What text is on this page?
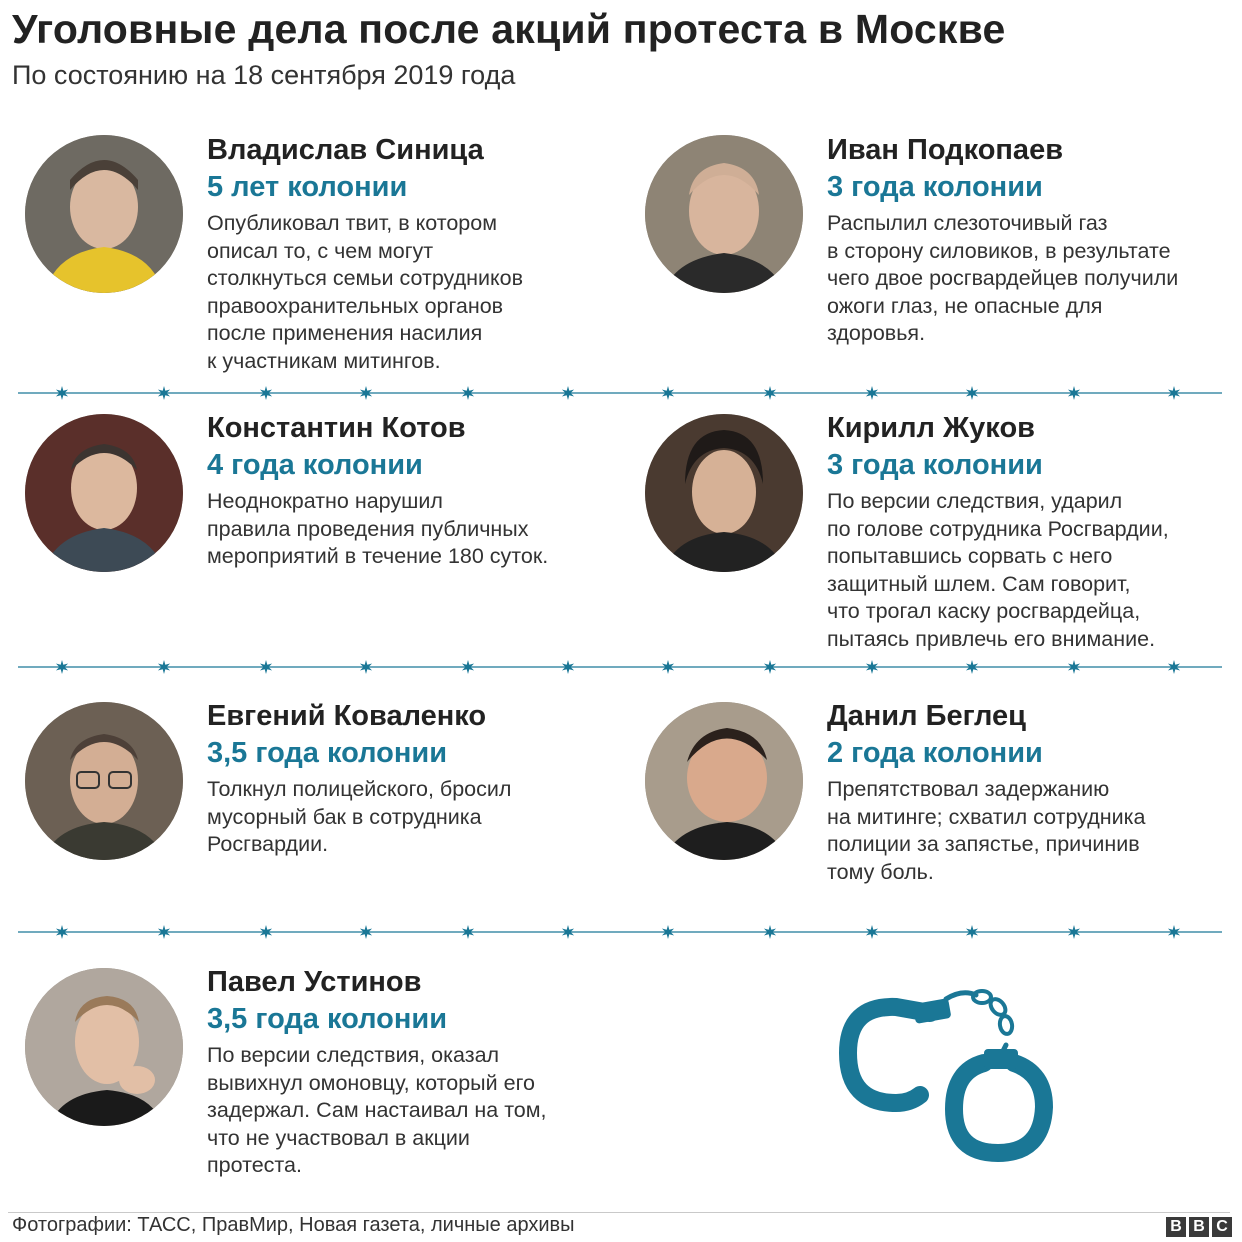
Уголовные дела после акций протеста в Москве
По состоянию на 18 сентября 2019 года
Владислав Синица
5 лет колонии
Опубликовал твит, в котором
описал то, с чем могут
столкнуться семьи сотрудников
правоохранительных органов
после применения насилия
к участникам митингов.
Иван Подкопаев
3 года колонии
Распылил слезоточивый газ
в сторону силовиков, в результате
чего двое росгвардейцев получили
ожоги глаз, не опасные для
здоровья.
Константин Котов
4 года колонии
Неоднократно нарушил
правила проведения публичных
мероприятий в течение 180 суток.
Кирилл Жуков
3 года колонии
По версии следствия, ударил
по голове сотрудника Росгвардии,
попытавшись сорвать с него
защитный шлем. Сам говорит,
что трогал каску росгвардейца,
пытаясь привлечь его внимание.
Евгений Коваленко
3,5 года колонии
Толкнул полицейского, бросил
мусорный бак в сотрудника
Росгвардии.
Данил Беглец
2 года колонии
Препятствовал задержанию
на митинге; схватил сотрудника
полиции за запястье, причинив
тому боль.
Павел Устинов
3,5 года колонии
По версии следствия, оказал
вывихнул омоновцу, который его
задержал. Сам настаивал на том,
что не участвовал в акции
протеста.
Фотографии: ТАСС, ПравМир, Новая газета, личные архивы	B B C
